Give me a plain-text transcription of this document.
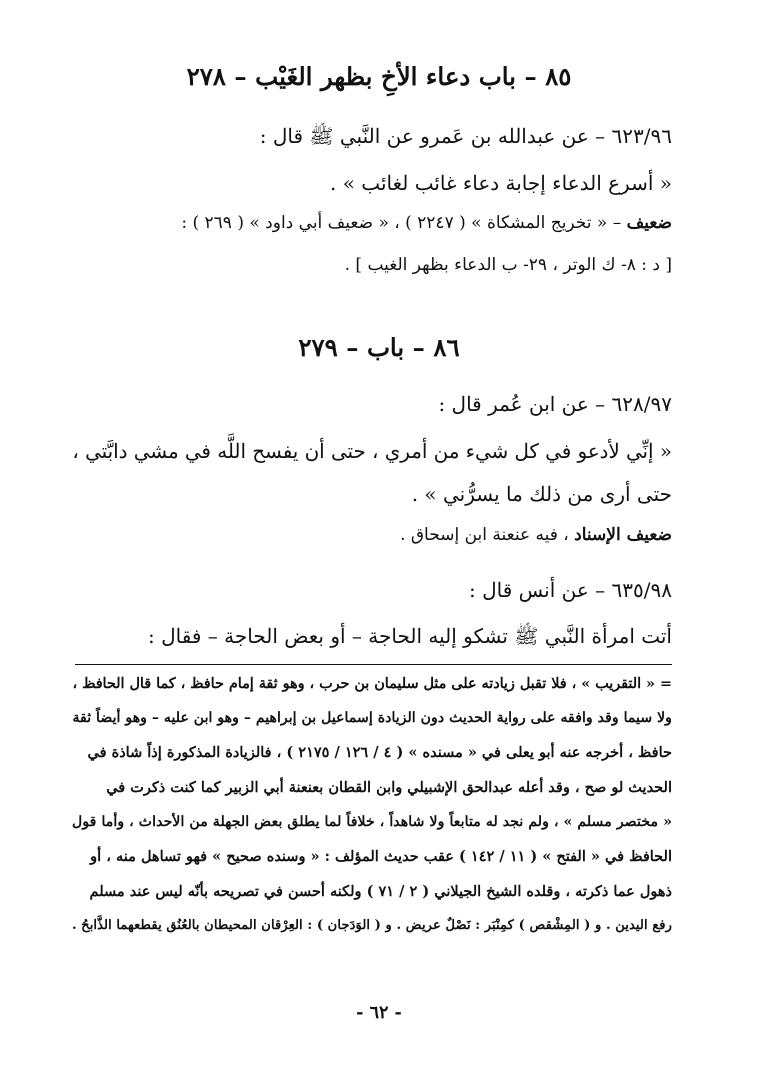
٨٥ – باب دعاء الأخِ بظهر الغَيْب – ٢٧٨
٦٢٣/٩٦ – عن عبدالله بن عَمرو عن النَّبي ﷺ قال :
« أسرع الدعاء إجابة دعاء غائب لغائب » .
ضعيف – « تخريج المشكاة » ( ٢٢٤٧ ) ، « ضعيف أبي داود » ( ٢٦٩ ) :
[ د : ٨- ك الوتر ، ٢٩- ب الدعاء بظهر الغيب ] .
٨٦ – باب – ٢٧٩
٦٢٨/٩٧ – عن ابن عُمر قال :
« إنِّي لأدعو في كل شيء من أمري ، حتى أن يفسح اللَّه في مشي دابَّتي ،
حتى أرى من ذلك ما يسرُّني » .
ضعيف الإسناد ، فيه عنعنة ابن إسحاق .
٦٣٥/٩٨ – عن أنس قال :
أتت امرأة النَّبي ﷺ تشكو إليه الحاجة – أو بعض الحاجة – فقال :
= « التقريب » ، فلا تقبل زيادته على مثل سليمان بن حرب ، وهو ثقة إمام حافظ ، كما قال الحافظ ،
ولا سيما وقد وافقه على رواية الحديث دون الزيادة إسماعيل بن إبراهيم – وهو ابن عليه – وهو أيضاً ثقة
حافظ ، أخرجه عنه أبو يعلى في « مسنده » ( ٤ / ١٢٦ / ٢١٧٥ ) ، فالزيادة المذكورة إذاً شاذة في
الحديث لو صح ، وقد أعله عبدالحق الإشبيلي وابن القطان بعنعنة أبي الزبير كما كنت ذكرت في
« مختصر مسلم » ، ولم نجد له متابعاً ولا شاهداً ، خلافاً لما يطلق بعض الجهلة من الأحداث ، وأما قول
الحافظ في « الفتح » ( ١١ / ١٤٢ ) عقب حديث المؤلف : « وسنده صحيح » فهو تساهل منه ، أو
ذهول عما ذكرته ، وقلده الشيخ الجيلاني ( ٢ / ٧١ ) ولكنه أحسن في تصريحه بأنّه ليس عند مسلم
رفع اليدين . و ( المِشْقص ) كمِنْبَر : نَصْلٌ عريض . و ( الوَدَجان ) : العِرْقان المحيطان بالعُنُق يقطعهما الذَّابحُ .
- ٦٢ -
